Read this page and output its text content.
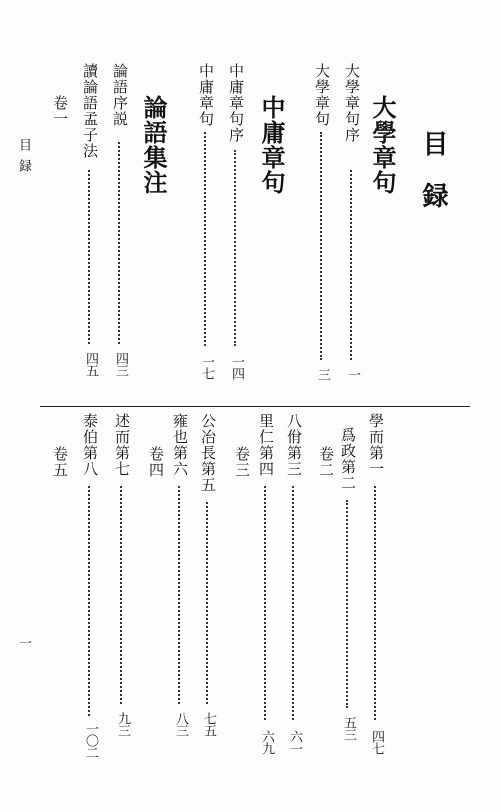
目録
目録
一
大學章句
大學章句序
一
大學章句
三
中庸章句
中庸章句序
一四
中庸章句
一七
論語集注
論語序説
四三
讀論語孟子法
四五
卷一
學而第一
四七
爲政第二
五三
卷二
八佾第三
六一
里仁第四
六九
卷三
公冶長第五
七五
雍也第六
八三
卷四
述而第七
九三
泰伯第八
一〇二
卷五
